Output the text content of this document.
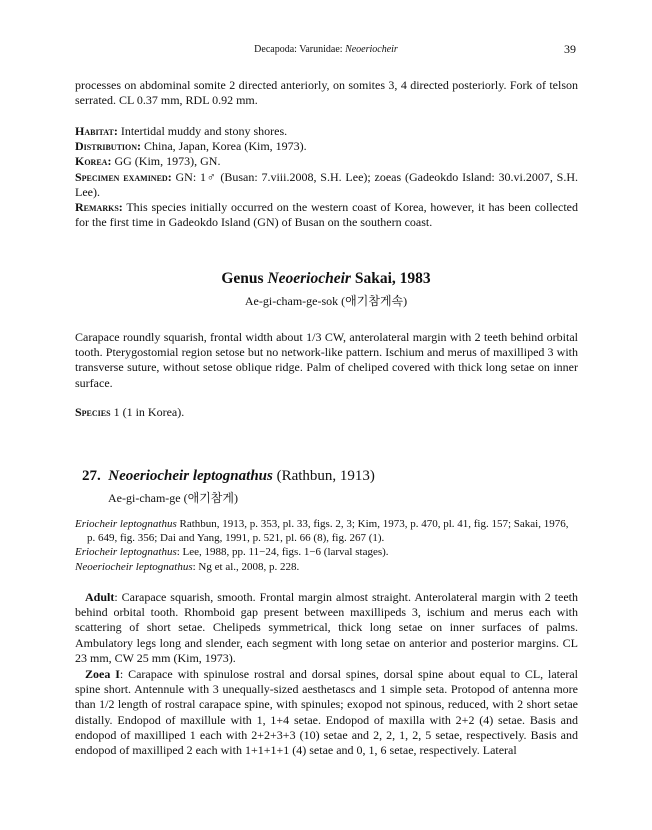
Decapoda: Varunidae: Neoeriocheir	39

processes on abdominal somite 2 directed anteriorly, on somites 3, 4 directed posteriorly. Fork of telson serrated. CL 0.37 mm, RDL 0.92 mm.

Habitat: Intertidal muddy and stony shores.

Distribution: China, Japan, Korea (Kim, 1973).

Korea: GG (Kim, 1973), GN.

Specimen examined: GN: 1♂ (Busan: 7.viii.2008, S.H. Lee); zoeas (Gadeokdo Island: 30.vi.2007, S.H. Lee).

Remarks: This species initially occurred on the western coast of Korea, however, it has been collected for the first time in Gadeokdo Island (GN) of Busan on the southern coast.

Genus Neoeriocheir Sakai, 1983
Ae-gi-cham-ge-sok (애기참게속)

Carapace roundly squarish, frontal width about 1/3 CW, anterolateral margin with 2 teeth behind orbital tooth. Pterygostomial region setose but no network-like pattern. Ischium and merus of maxilliped 3 with transverse suture, without setose oblique ridge. Palm of cheliped covered with thick long setae on inner surface.

Species 1 (1 in Korea).

27. Neoeriocheir leptognathus (Rathbun, 1913)
Ae-gi-cham-ge (애기참게)

Eriocheir leptognathus Rathbun, 1913, p. 353, pl. 33, figs. 2, 3; Kim, 1973, p. 470, pl. 41, fig. 157; Sakai, 1976, p. 649, fig. 356; Dai and Yang, 1991, p. 521, pl. 66 (8), fig. 267 (1).

Eriocheir leptognathus: Lee, 1988, pp. 11−24, figs. 1−6 (larval stages).

Neoeriocheir leptognathus: Ng et al., 2008, p. 228.

Adult: Carapace squarish, smooth. Frontal margin almost straight. Anterolateral margin with 2 teeth behind orbital tooth. Rhomboid gap present between maxillipeds 3, ischium and merus each with scattering of short setae. Chelipeds symmetrical, thick long setae on inner surfaces of palms. Ambulatory legs long and slender, each segment with long setae on anterior and posterior margins. CL 23 mm, CW 25 mm (Kim, 1973).

Zoea I: Carapace with spinulose rostral and dorsal spines, dorsal spine about equal to CL, lateral spine short. Antennule with 3 unequally-sized aesthetascs and 1 simple seta. Protopod of antenna more than 1/2 length of rostral carapace spine, with spinules; exopod not spinous, reduced, with 2 short setae distally. Endopod of maxillule with 1, 1+4 setae. Endopod of maxilla with 2+2 (4) setae. Basis and endopod of maxilliped 1 each with 2+2+3+3 (10) setae and 2, 2, 1, 2, 5 setae, respectively. Basis and endopod of maxilliped 2 each with 1+1+1+1 (4) setae and 0, 1, 6 setae, respectively. Lateral
